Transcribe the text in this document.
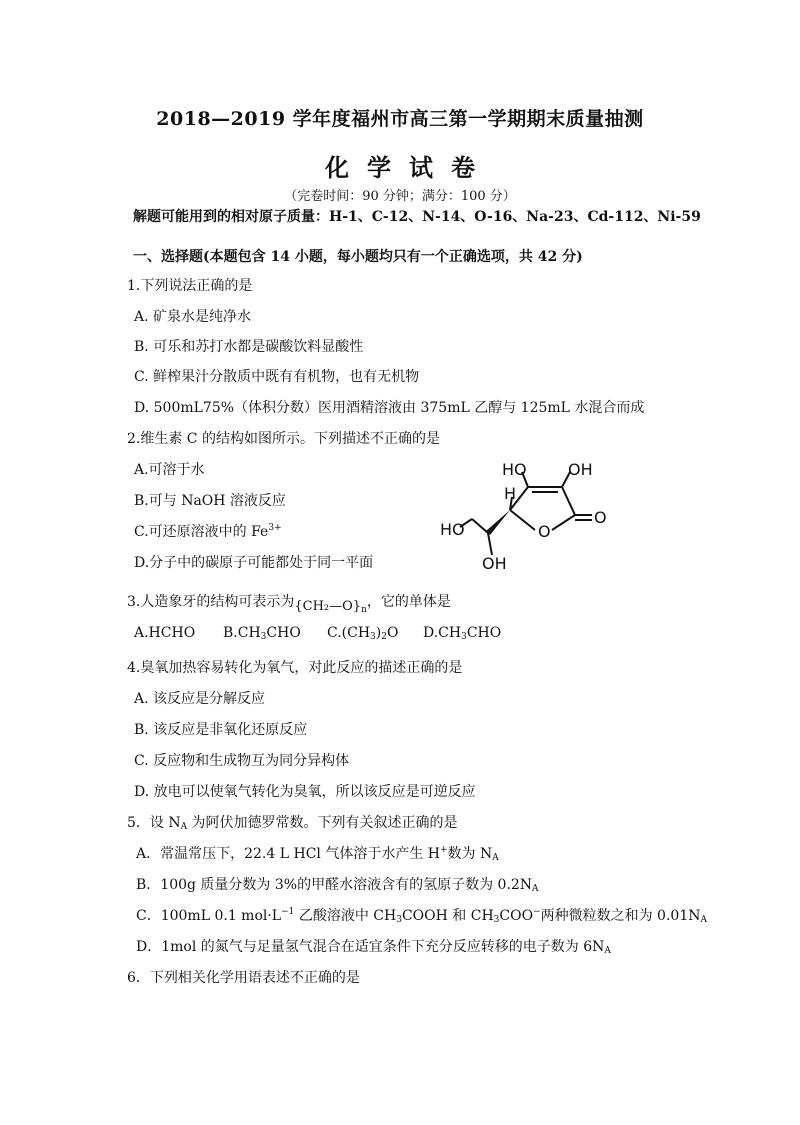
2018—2019 学年度福州市高三第一学期期末质量抽测
化学试卷
（完卷时间：90 分钟；满分：100 分）
解题可能用到的相对原子质量：H-1、C-12、N-14、O-16、Na-23、Cd-112、Ni-59
一、选择题(本题包含 14 小题，每小题均只有一个正确选项，共 42 分)
1.下列说法正确的是
A. 矿泉水是纯净水
B. 可乐和苏打水都是碳酸饮料显酸性
C. 鲜榨果汁分散质中既有有机物，也有无机物
D. 500mL75%（体积分数）医用酒精溶液由 375mL 乙醇与 125mL 水混合而成
2.维生素 C 的结构如图所示。下列描述不正确的是
A.可溶于水
B.可与 NaOH 溶液反应
C.可还原溶液中的 $Fe^{3+}$
D.分子中的碳原子可能都处于同一平面
HO	OH
H
O
O
HO
OH
3.人造象牙的结构可表示为$\{CH_2—O\}_n$，它的单体是
A.HCHO $B.CH_3CHO$ $C.(CH_3)_2O$ $D.CH_3CHO$
4.臭氧加热容易转化为氧气，对此反应的描述正确的是
A. 该反应是分解反应
B. 该反应是非氧化还原反应
C. 反应物和生成物互为同分异构体
D. 放电可以使氧气转化为臭氧，所以该反应是可逆反应
5．设 $N_A$ 为阿伏加德罗常数。下列有关叙述正确的是
A．常温常压下，22.4 L HCl 气体溶于水产生 H+数为 $N_A$
B．100g 质量分数为 3%的甲醛水溶液含有的氢原子数为 $0.2N_A$
C．100mL 0.1 $mol\cdot L^{-1}$ 乙酸溶液中 $CH_3COOH$ 和 $CH_3COO^-$两种微粒数之和为 $0.01N_A$
D．1mol 的氮气与足量氢气混合在适宜条件下充分反应转移的电子数为 $6N_A$
6．下列相关化学用语表述不正确的是
